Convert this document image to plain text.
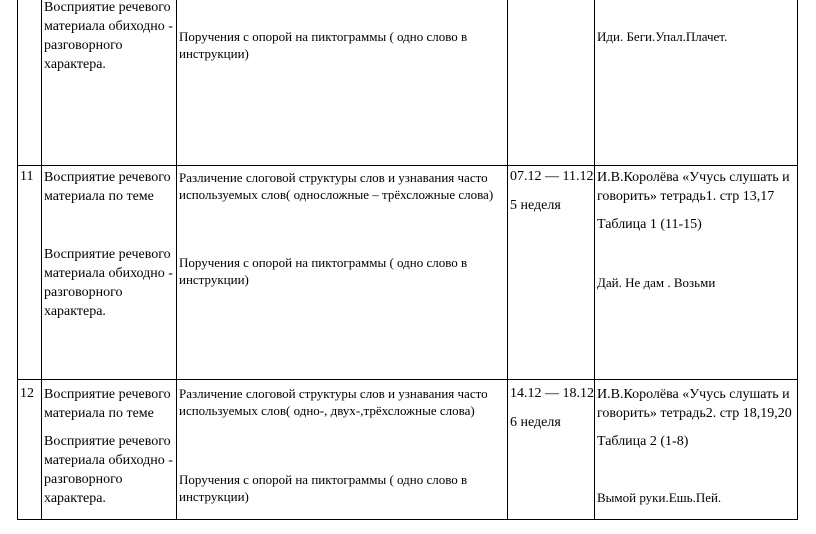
Восприятие речевого материала обиходно - разговорного характера.
Поручения с опорой на пиктограммы ( одно слово в инструкции)
Иди. Беги.Упал.Плачет.
11 Восприятие речевого материала по теме
Восприятие речевого материала обиходно - разговорного характера.
Различение слоговой структуры слов и узнавания часто используемых слов( односложные – трёхсложные слова)
Поручения с опорой на пиктограммы ( одно слово в инструкции)
07.12 — 11.12
5 неделя
И.В.Королёва «Учусь слушать и говорить» тетрадь1. стр 13,17
Таблица 1 (11-15)
Дай. Не дам . Возьми
12 Восприятие речевого материала по теме
Восприятие речевого материала обиходно - разговорного характера.
Различение слоговой структуры слов и узнавания часто используемых слов( одно-, двух-,трёхсложные слова)
Поручения с опорой на пиктограммы ( одно слово в инструкции)
14.12 — 18.12
6 неделя
И.В.Королёва «Учусь слушать и говорить» тетрадь2. стр 18,19,20
Таблица 2 (1-8)
Вымой руки.Ешь.Пей.
